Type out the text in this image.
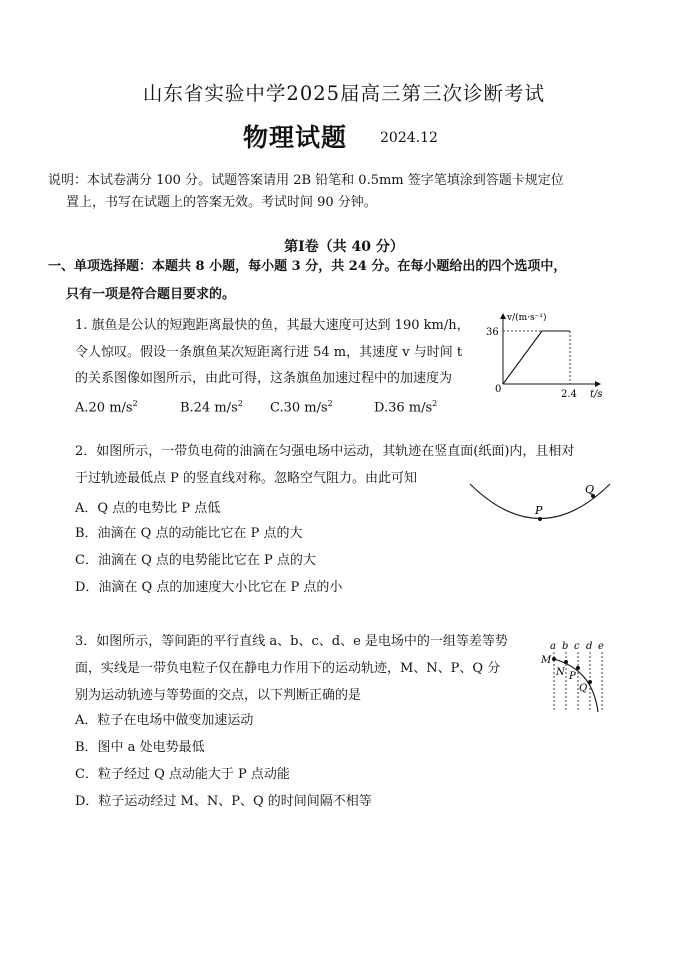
山东省实验中学2025届高三第三次诊断考试
物理试题 2024.12
说明：本试卷满分 100 分。试题答案请用 2B 铅笔和 0.5mm 签字笔填涂到答题卡规定位
置上，书写在试题上的答案无效。考试时间 90 分钟。
第Ⅰ卷（共 40 分）
一、单项选择题：本题共 8 小题，每小题 3 分，共 24 分。在每小题给出的四个选项中，
只有一项是符合题目要求的。
1. 旗鱼是公认的短跑距离最快的鱼，其最大速度可达到 190 km/h，
令人惊叹。假设一条旗鱼某次短距离行进 54 m，其速度 v 与时间 t
的关系图像如图所示，由此可得，这条旗鱼加速过程中的加速度为
A.20 $m/s^2$	B.24 $m/s^2$ C.30 $m/s^2$	D.36 $m/s^2$
v/(m·s⁻¹)
36
0	2.4 t/s
2．如图所示，一带负电荷的油滴在匀强电场中运动，其轨迹在竖直面(纸面)内，且相对
于过轨迹最低点 P 的竖直线对称。忽略空气阻力。由此可知
A．Q 点的电势比 P 点低
B．油滴在 Q 点的动能比它在 P 点的大
C．油滴在 Q 点的电势能比它在 P 点的大
D．油滴在 Q 点的加速度大小比它在 P 点的小
P
Q
3．如图所示，等间距的平行直线 a、b、c、d、e 是电场中的一组等差等势
面，实线是一带负电粒子仅在静电力作用下的运动轨迹，M、N、P、Q 分
别为运动轨迹与等势面的交点，以下判断正确的是
A．粒子在电场中做变加速运动
B．图中 a 处电势最低
C．粒子经过 Q 点动能大于 P 点动能
D．粒子运动经过 M、N、P、Q 的时间间隔不相等
a b c d e
M
N P
Q
